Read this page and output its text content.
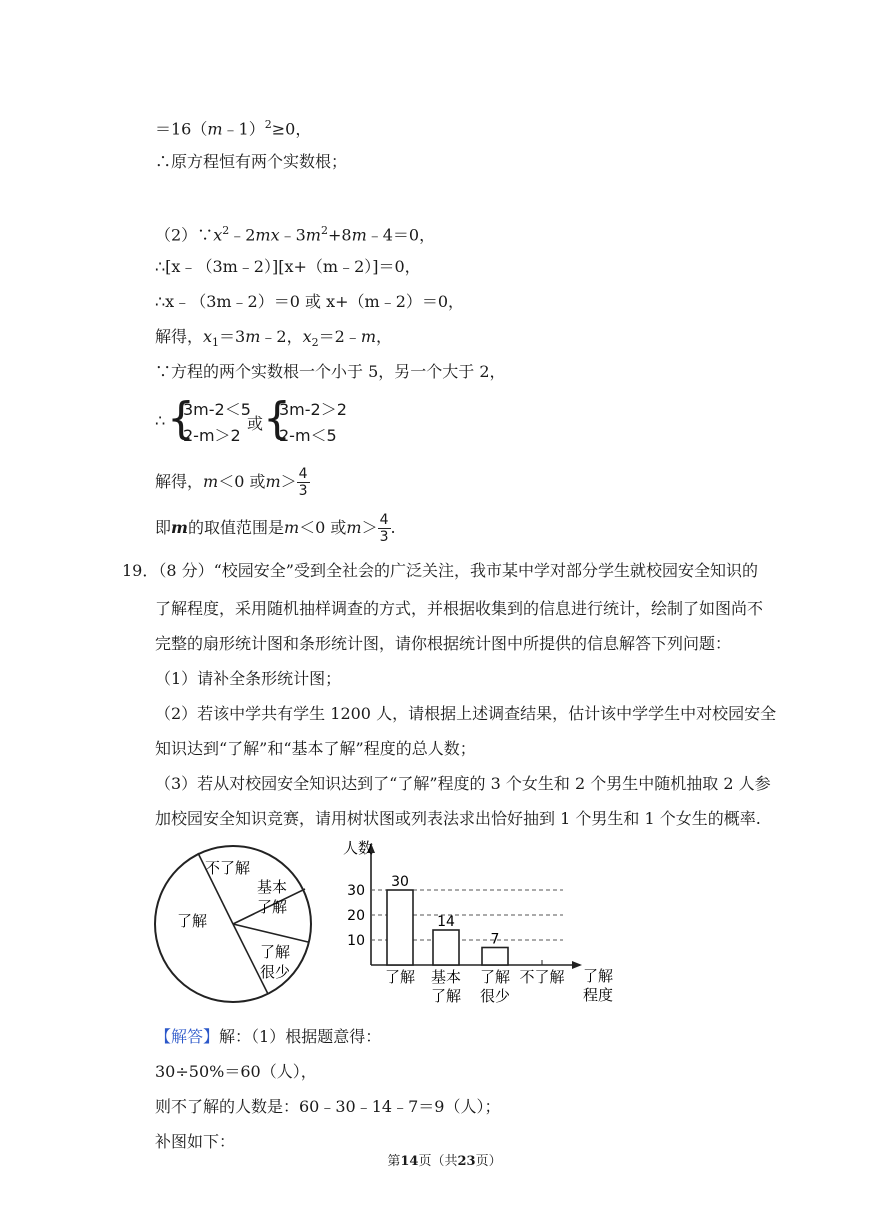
＝16（m﹣1）$^2$≥0，
∴原方程恒有两个实数根；
$(2)\because x^2﹣2mx﹣3m^2+8m﹣4=0$，
∴[x﹣（3m﹣2）][x+（m﹣2）]＝0，
∴x﹣（3m﹣2）＝0 或 x+（m﹣2）＝0，
解得，$x_1=3m﹣2$，$x_2=2﹣m$，
∵方程的两个实数根一个小于 5，另一个大于 2，
∴ {
3m-2＜5
2-m＞2
或 {
3m-2＞2
2-m＜5
解得，m＜0 或$m> \frac{4}{3}$
即m的取值范围是m＜0 或$m> \frac{4}{3}$ .
19．（8 分）“校园安全”受到全社会的广泛关注，我市某中学对部分学生就校园安全知识的
了解程度，采用随机抽样调查的方式，并根据收集到的信息进行统计，绘制了如图尚不
完整的扇形统计图和条形统计图，请你根据统计图中所提供的信息解答下列问题：
（1）请补全条形统计图；
（2）若该中学共有学生 1200 人，请根据上述调查结果，估计该中学学生中对校园安全
知识达到“了解”和“基本了解”程度的总人数；
（3）若从对校园安全知识达到了“了解”程度的 3 个女生和 2 个男生中随机抽取 2 人参
加校园安全知识竞赛，请用树状图或列表法求出恰好抽到 1 个男生和 1 个女生的概率.
不了解
基本
了解
了解
了解
很少
10
20
30
30
了解
14
基本
了解
7
了解
很少
不了解
人数
了解
程度
【解答】解：（1）根据题意得：
30÷50%＝60（人），
则不了解的人数是：60﹣30﹣14﹣7＝9（人）；
补图如下：
第14页（共23页）
